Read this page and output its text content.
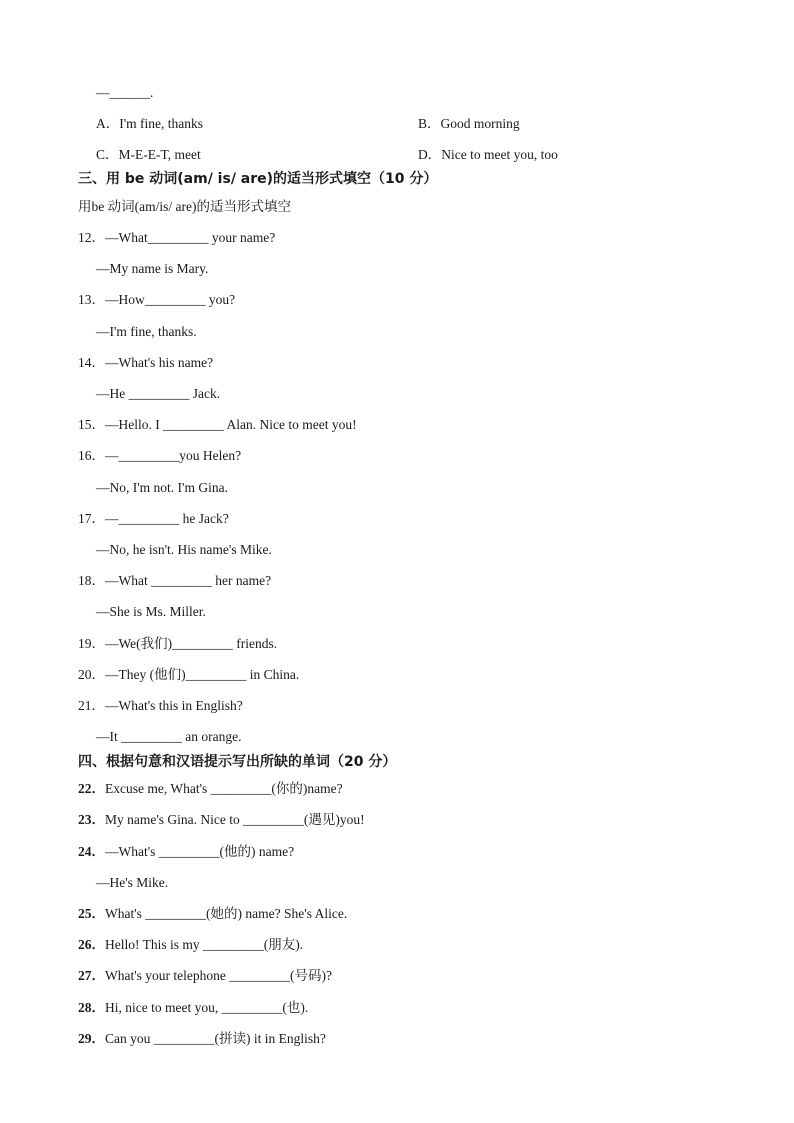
—______.
A．I'm fine, thanks	B．Good morning
C．M-E-E-T, meet	D．Nice to meet you, too
三、用 be 动词(am/ is/ are)的适当形式填空（10 分）
用be 动词(am/is/ are)的适当形式填空
12．—What_________ your name?
—My name is Mary.
13．—How_________ you?
—I'm fine, thanks.
14．—What's his name?
—He _________ Jack.
15．—Hello. I _________ Alan. Nice to meet you!
16．—_________you Helen?
—No, I'm not. I'm Gina.
17．—_________ he Jack?
—No, he isn't. His name's Mike.
18．—What _________ her name?
—She is Ms. Miller.
19．—We(我们)_________ friends.
20．—They (他们)_________ in China.
21．—What's this in English?
—It _________ an orange.
四、根据句意和汉语提示写出所缺的单词（20 分）
22．Excuse me, What's _________(你的)name?
23．My name's Gina. Nice to _________(遇见)you!
24．—What's _________(他的) name?
—He's Mike.
25．What's _________(她的) name? She's Alice.
26．Hello! This is my _________(朋友).
27．What's your telephone _________(号码)?
28．Hi, nice to meet you, _________(也).
29．Can you _________(拼读) it in English?
